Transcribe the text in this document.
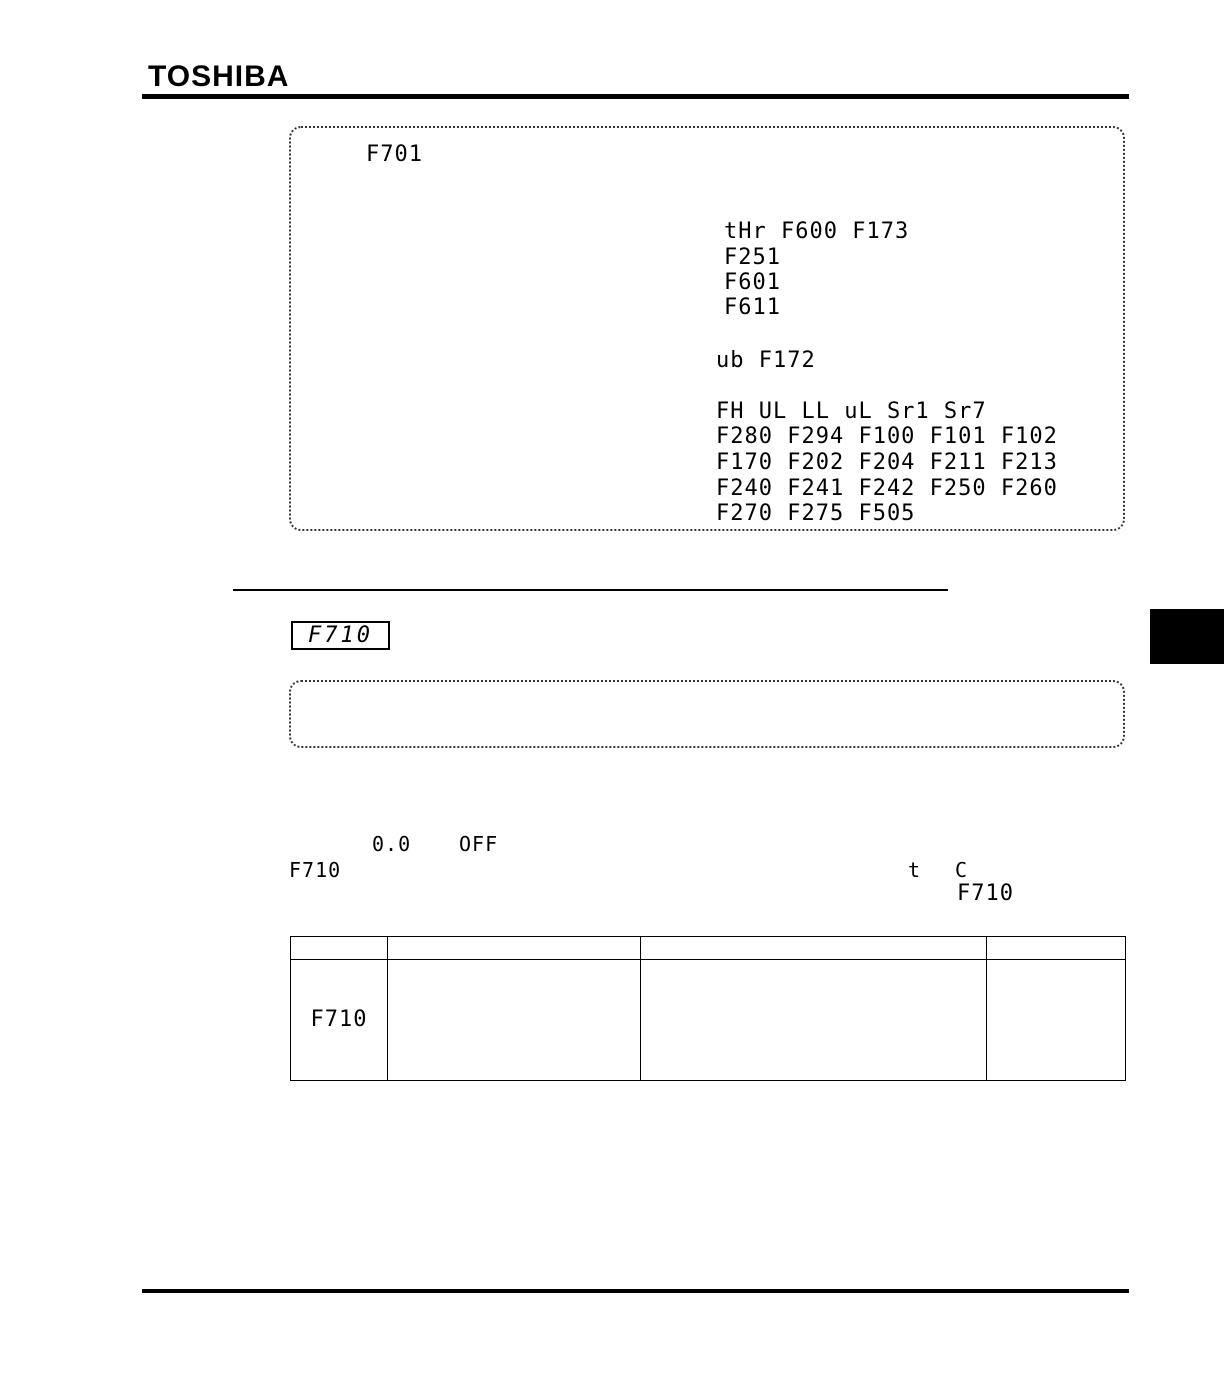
TOSHIBA
F701
tHr F600 F173
F251
F601
F611
ub F172
FH UL LL uL Sr1 Sr7
F280 F294 F100 F101 F102
F170 F202 F204 F211 F213
F240 F241 F242 F250 F260
F270 F275 F505
F710
0.0 OFF
F710	t C
F710

F710			
